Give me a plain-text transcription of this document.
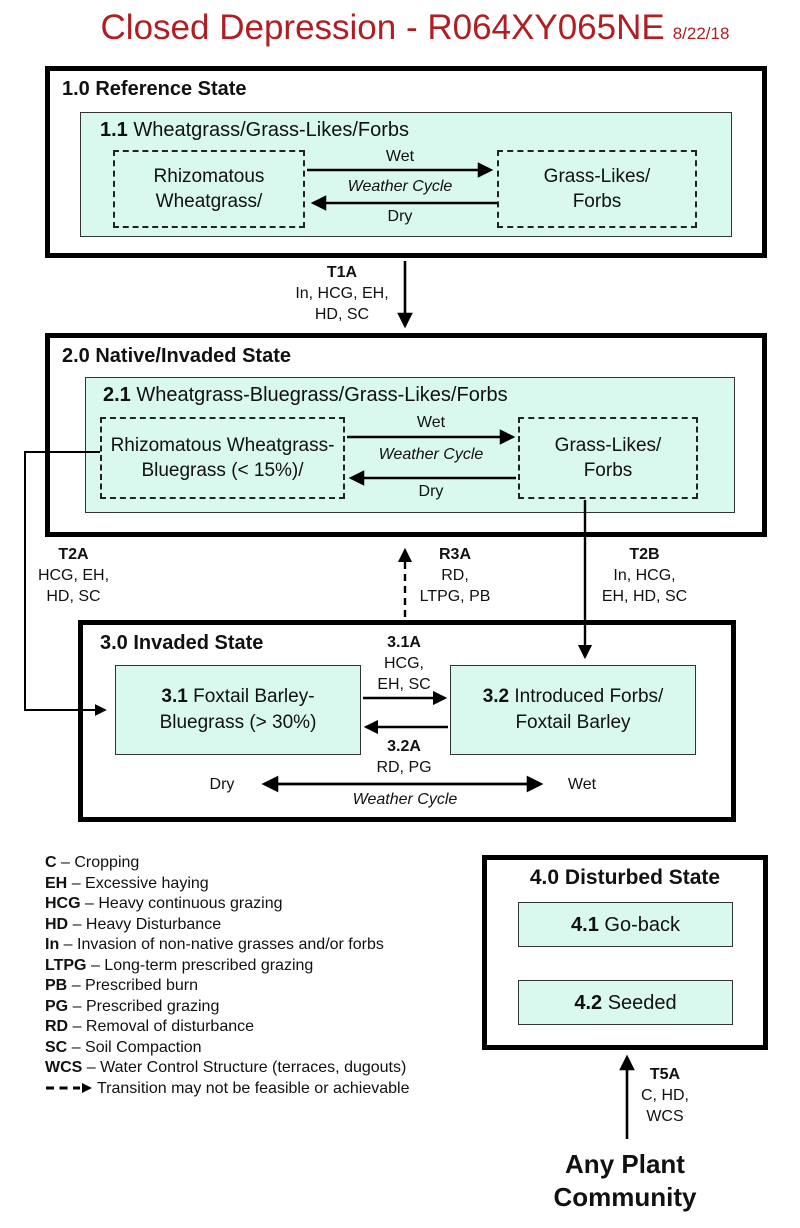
Closed Depression - R064XY065NE 8/22/18
1.0 Reference State
1.1 Wheatgrass/Grass-Likes/Forbs
Rhizomatous
Wheatgrass/
Grass-Likes/
Forbs
Wet
Weather Cycle
Dry
T1A
In, HCG, EH,
HD, SC
2.0 Native/Invaded State
2.1 Wheatgrass-Bluegrass/Grass-Likes/Forbs
Rhizomatous Wheatgrass-
Bluegrass (< 15%)/
Grass-Likes/
Forbs
Wet
Weather Cycle
Dry
T2A
HCG, EH,
HD, SC
R3A
RD,
LTPG, PB
T2B
In, HCG,
EH, HD, SC
3.0 Invaded State
3.1 Foxtail Barley-
Bluegrass (> 30%)
3.2 Introduced Forbs/
Foxtail Barley
3.1A
HCG,
EH, SC
3.2A
RD, PG
Dry	Wet
Weather Cycle
C – Cropping
EH – Excessive haying
HCG – Heavy continuous grazing
HD – Heavy Disturbance
In – Invasion of non-native grasses and/or forbs
LTPG – Long-term prescribed grazing
PB – Prescribed burn
PG – Prescribed grazing
RD – Removal of disturbance
SC – Soil Compaction
WCS – Water Control Structure (terraces, dugouts)
Transition may not be feasible or achievable
4.0 Disturbed State
4.1 Go-back
4.2 Seeded
T5A
C, HD,
WCS
Any Plant
Community
